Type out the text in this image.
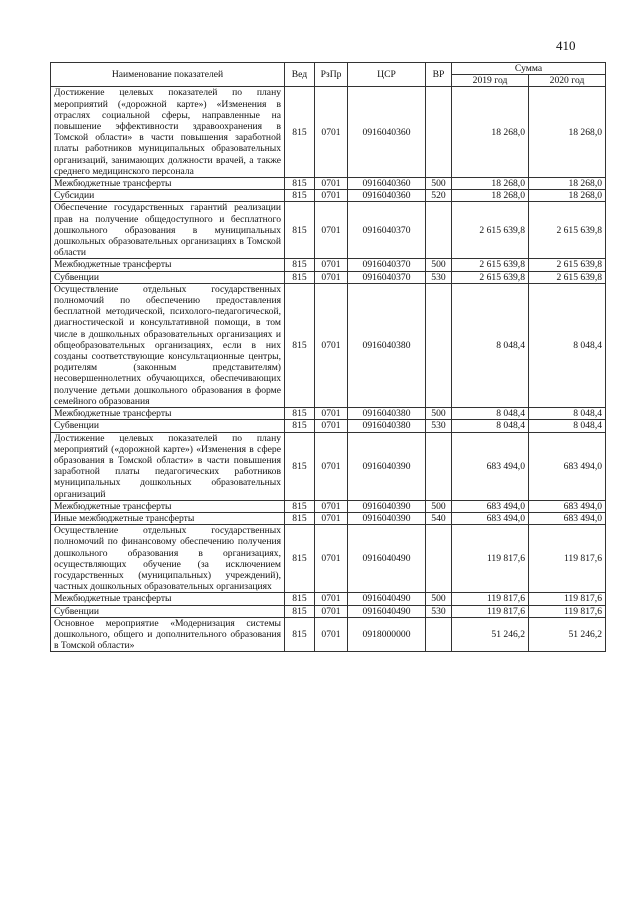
410
Наименование показателей	Вед	РзПр	ЦСР	ВР	Сумма	
					2019 год	2020 год
Достижение целевых показателей по плану мероприятий («дорожной карте») «Изменения в отраслях социальной сферы, направленные на повышение эффективности здравоохранения в Томской области» в части повышения заработной платы работников муниципальных образовательных организаций, занимающих должности врачей, а также среднего медицинского персонала	815	0701	0916040360		18 268,0	18 268,0
Межбюджетные трансферты	815	0701	0916040360	500	18 268,0	18 268,0
Субсидии	815	0701	0916040360	520	18 268,0	18 268,0
Обеспечение государственных гарантий реализации прав на получение общедоступного и бесплатного дошкольного образования в муниципальных дошкольных образовательных организациях в Томской области	815	0701	0916040370		2 615 639,8	2 615 639,8
Межбюджетные трансферты	815	0701	0916040370	500	2 615 639,8	2 615 639,8
Субвенции	815	0701	0916040370	530	2 615 639,8	2 615 639,8
Осуществление отдельных государственных полномочий по обеспечению предоставления бесплатной методической, психолого-педагогической, диагностической и консультативной помощи, в том числе в дошкольных образовательных организациях и общеобразовательных организациях, если в них созданы соответствующие консультационные центры, родителям (законным представителям) несовершеннолетних обучающихся, обеспечивающих получение детьми дошкольного образования в форме семейного образования	815	0701	0916040380		8 048,4	8 048,4
Межбюджетные трансферты	815	0701	0916040380	500	8 048,4	8 048,4
Субвенции	815	0701	0916040380	530	8 048,4	8 048,4
Достижение целевых показателей по плану мероприятий («дорожной карте») «Изменения в сфере образования в Томской области» в части повышения заработной платы педагогических работников муниципальных дошкольных образовательных организаций	815	0701	0916040390		683 494,0	683 494,0
Межбюджетные трансферты	815	0701	0916040390	500	683 494,0	683 494,0
Иные межбюджетные трансферты	815	0701	0916040390	540	683 494,0	683 494,0
Осуществление отдельных государственных полномочий по финансовому обеспечению получения дошкольного образования в организациях, осуществляющих обучение (за исключением государственных (муниципальных) учреждений), частных дошкольных образовательных организациях	815	0701	0916040490		119 817,6	119 817,6
Межбюджетные трансферты	815	0701	0916040490	500	119 817,6	119 817,6
Субвенции	815	0701	0916040490	530	119 817,6	119 817,6
Основное мероприятие «Модернизация системы дошкольного, общего и дополнительного образования в Томской области»	815	0701	0918000000		51 246,2	51 246,2
